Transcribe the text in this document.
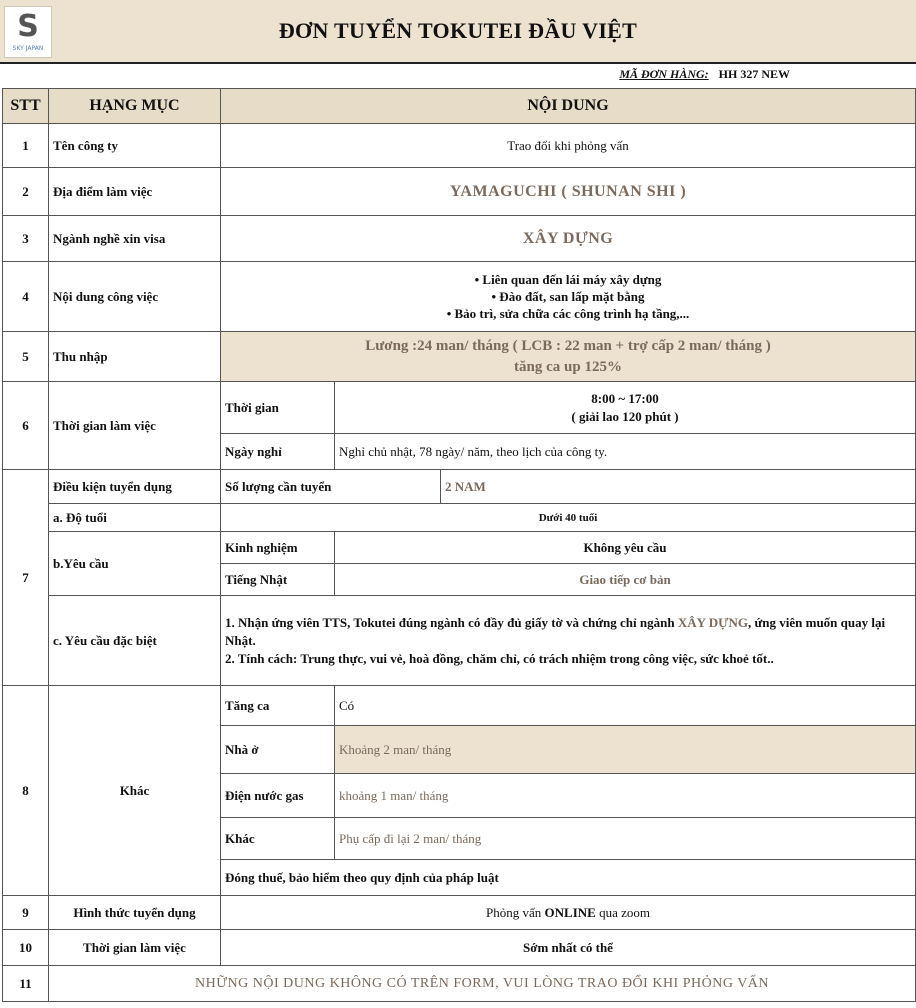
S
SKY JAPAN
ĐƠN TUYỂN TOKUTEI ĐẦU VIỆT
MÃ ĐƠN HÀNG: HH 327 NEW
STT	HẠNG MỤC	NỘI DUNG		
1	Tên công ty	Trao đổi khi phỏng vấn		
2	Địa điểm làm việc	YAMAGUCHI ( SHUNAN SHI )		
3	Ngành nghề xin visa	XÂY DỰNG		
4	Nội dung công việc	• Liên quan đến lái máy xây dựng
• Đào đất, san lấp mặt bằng
• Bảo trì, sửa chữa các công trình hạ tầng,...		

5	Thu nhập	Lương :24 man/ tháng ( LCB : 22 man + trợ cấp 2 man/ tháng )
tăng ca up 125%		

6	Thời gian làm việc	Thời gian	8:00 ~ 17:00
( giải lao 120 phút )	

		Ngày nghỉ	Nghỉ chủ nhật, 78 ngày/ năm, theo lịch của công ty.	
7	Điều kiện tuyển dụng	Số lượng cần tuyển		2 NAM
	a. Độ tuổi	Dưới 40 tuổi		
	b.Yêu cầu	Kinh nghiệm	Không yêu cầu	
		Tiếng Nhật	Giao tiếp cơ bản	
	c. Yêu cầu đặc biệt	1. Nhận ứng viên TTS, Tokutei đúng ngành có đầy đủ giấy tờ và chứng chỉ ngành XÂY DỰNG, ứng viên muốn quay lại Nhật.
2. Tính cách: Trung thực, vui vẻ, hoà đồng, chăm chỉ, có trách nhiệm trong công việc, sức khoẻ tốt..		

8	Khác	Tăng ca	Có	
		Nhà ở	Khoảng 2 man/ tháng	
		Điện nước gas	khoảng 1 man/ tháng	
		Khác	Phụ cấp đi lại 2 man/ tháng	
		Đóng thuế, bảo hiểm theo quy định của pháp luật		
9	Hình thức tuyển dụng	Phỏng vấn ONLINE qua zoom		
10	Thời gian làm việc	Sớm nhất có thể		
11	NHỮNG NỘI DUNG KHÔNG CÓ TRÊN FORM, VUI LÒNG TRAO ĐỔI KHI PHỎNG VẤN			
